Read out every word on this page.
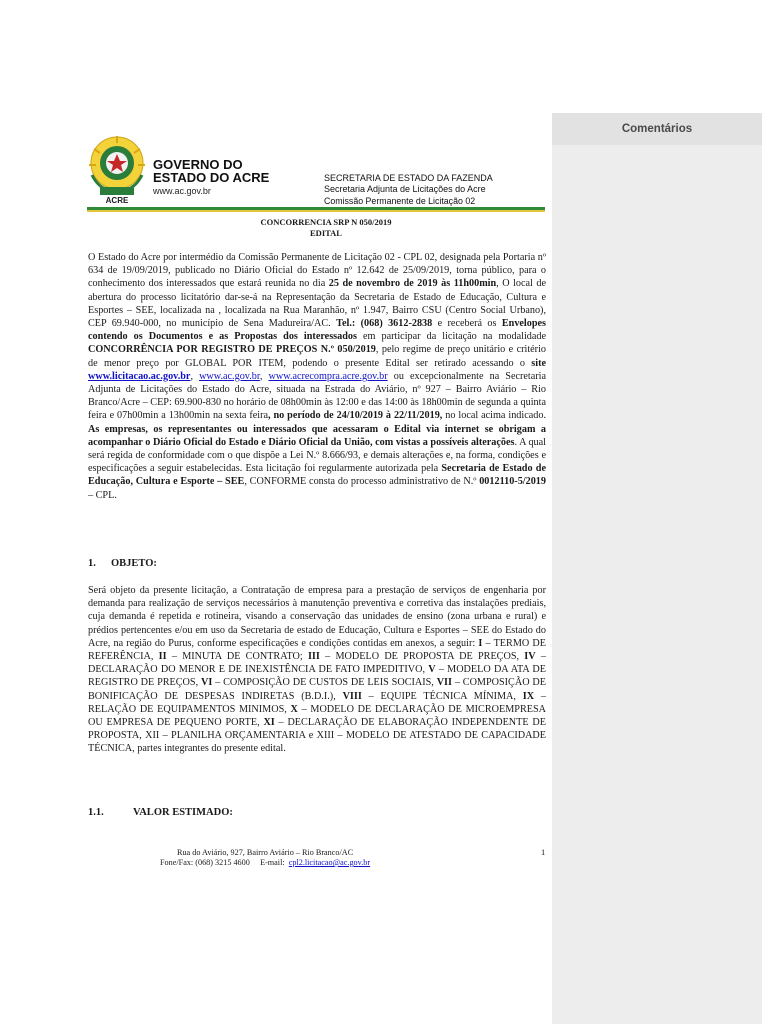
ACRE
GOVERNO DO
ESTADO DO ACRE
www.ac.gov.br
SECRETARIA DE ESTADO DA FAZENDA
Secretaria Adjunta de Licitações do Acre
Comissão Permanente de Licitação 02
CONCORRENCIA SRP N 050/2019
EDITAL

O Estado do Acre por intermédio da Comissão Permanente de Licitação 02 - CPL 02, designada pela Portaria nº 634 de 19/09/2019, publicado no Diário Oficial do Estado nº 12.642 de 25/09/2019, torna público, para o conhecimento dos interessados que estará reunida no dia 25 de novembro de 2019 às 11h00min, O local de abertura do processo licitatório dar-se-á na Representação da Secretaria de Estado de Educação, Cultura e Esportes – SEE, localizada na , localizada na Rua Maranhão, nº 1.947, Bairro CSU (Centro Social Urbano), CEP 69.940-000, no município de Sena Madureira/AC. Tel.: (068) 3612-2838 e receberá os Envelopes contendo os Documentos e as Propostas dos interessados em participar da licitação na modalidade CONCORRÊNCIA POR REGISTRO DE PREÇOS N.º 050/2019, pelo regime de preço unitário e critério de menor preço por GLOBAL POR ITEM, podendo o presente Edital ser retirado acessando o site www.licitacao.ac.gov.br, www.ac.gov.br, www.acrecompra.acre.gov.br ou excepcionalmente na Secretaria Adjunta de Licitações do Estado do Acre, situada na Estrada do Aviário, nº 927 – Bairro Aviário – Rio Branco/Acre – CEP: 69.900-830 no horário de 08h00min às 12:00 e das 14:00 às 18h00min de segunda a quinta feira e 07h00min a 13h00min na sexta feira, no período de 24/10/2019 à 22/11/2019, no local acima indicado. As empresas, os representantes ou interessados que acessaram o Edital via internet se obrigam a acompanhar o Diário Oficial do Estado e Diário Oficial da União, com vistas a possíveis alterações. A qual será regida de conformidade com o que dispõe a Lei N.º 8.666/93, e demais alterações e, na forma, condições e especificações a seguir estabelecidas. Esta licitação foi regularmente autorizada pela Secretaria de Estado de Educação, Cultura e Esporte – SEE, CONFORME consta do processo administrativo de N.º 0012110-5/2019 – CPL.

1. OBJETO:

Será objeto da presente licitação, a Contratação de empresa para a prestação de serviços de engenharia por demanda para realização de serviços necessários à manutenção preventiva e corretiva das instalações prediais, cuja demanda é repetida e rotineira, visando a conservação das unidades de ensino (zona urbana e rural) e prédios pertencentes e/ou em uso da Secretaria de estado de Educação, Cultura e Esportes – SEE do Estado do Acre, na região do Purus, conforme especificações e condições contidas em anexos, a seguir: I – TERMO DE REFERÊNCIA, II – MINUTA DE CONTRATO; III – MODELO DE PROPOSTA DE PREÇOS, IV – DECLARAÇÃO DO MENOR E DE INEXISTÊNCIA DE FATO IMPEDITIVO, V – MODELO DA ATA DE REGISTRO DE PREÇOS, VI – COMPOSIÇÃO DE CUSTOS DE LEIS SOCIAIS, VII – COMPOSIÇÃO DE BONIFICAÇÃO DE DESPESAS INDIRETAS (B.D.I.), VIII – EQUIPE TÉCNICA MÍNIMA, IX – RELAÇÃO DE EQUIPAMENTOS MINIMOS, X – MODELO DE DECLARAÇÃO DE MICROEMPRESA OU EMPRESA DE PEQUENO PORTE, XI – DECLARAÇÃO DE ELABORAÇÃO INDEPENDENTE DE PROPOSTA, XII – PLANILHA ORÇAMENTARIA e XIII – MODELO DE ATESTADO DE CAPACIDADE TÉCNICA, partes integrantes do presente edital.

1.1.	VALOR ESTIMADO:
Rua do Aviário, 927, Bairro Aviário – Rio Branco/AC
Fone/Fax: (068) 3215 4600 E-mail: cpl2.licitacao@ac.gov.br
1
Comentários
